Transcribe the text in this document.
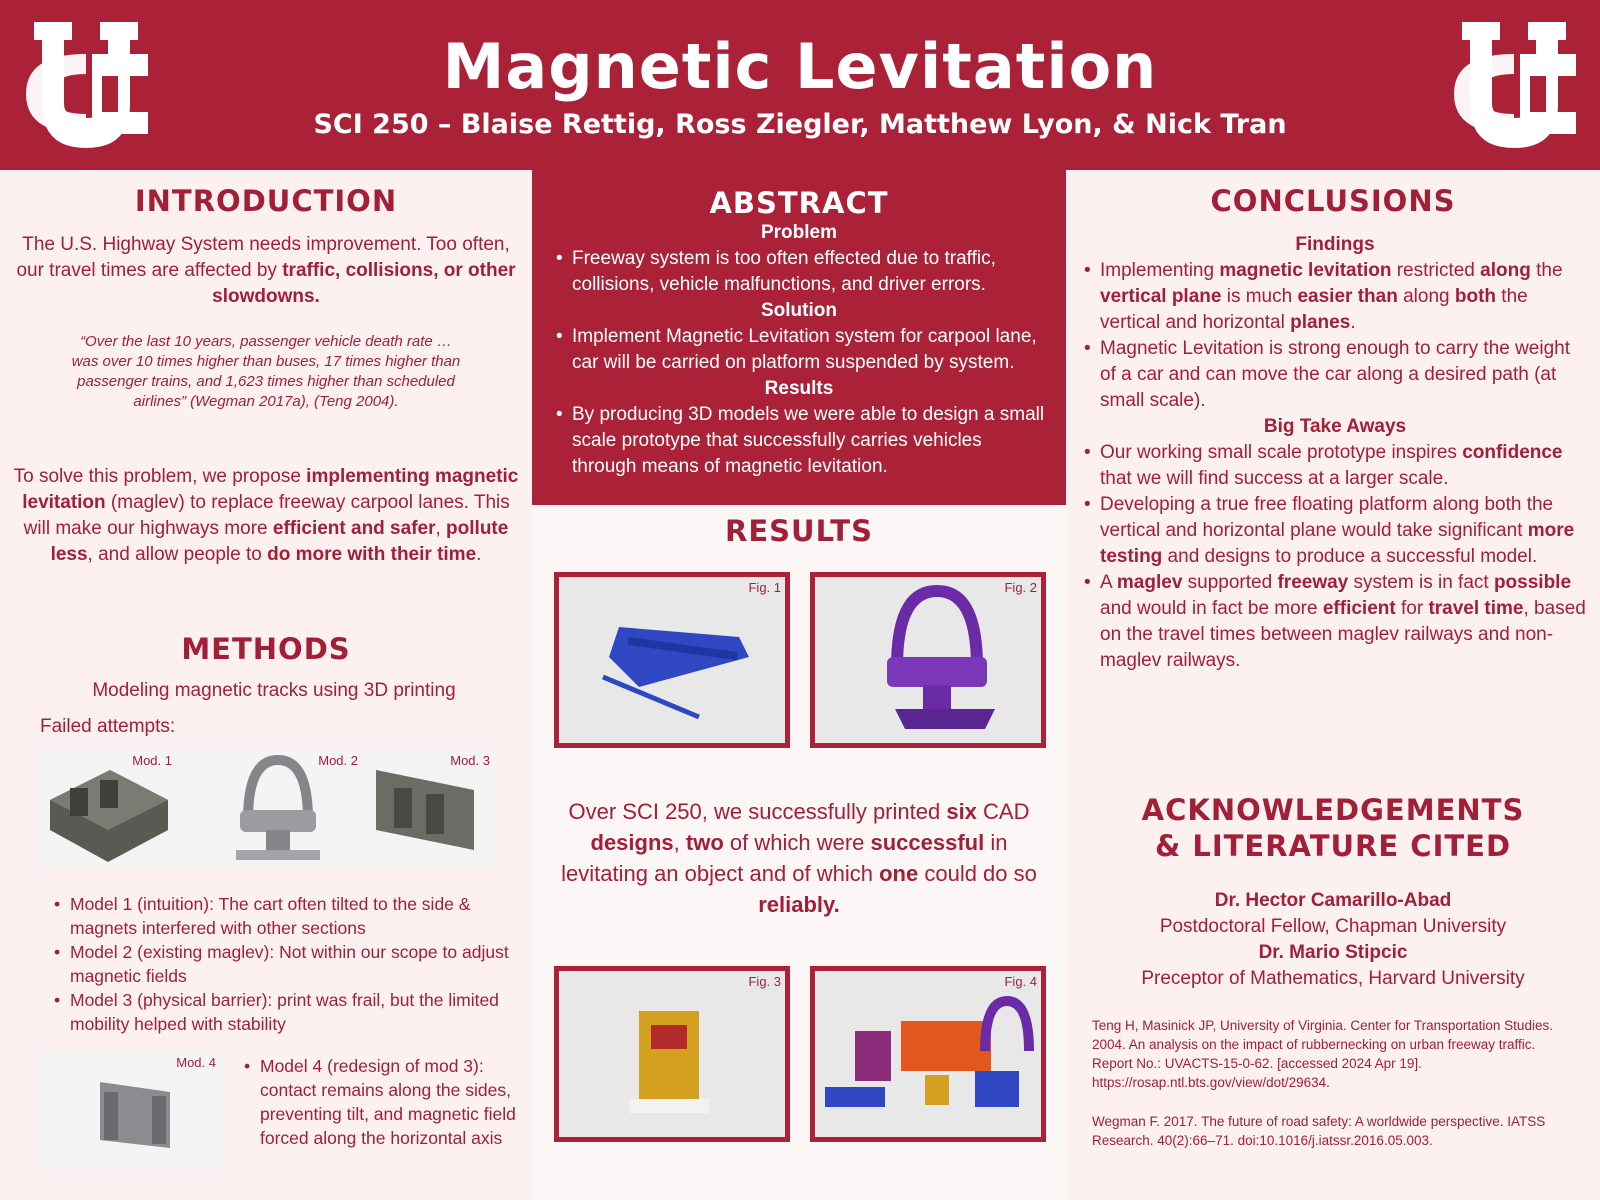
Magnetic Levitation
SCI 250 – Blaise Rettig, Ross Ziegler, Matthew Lyon, & Nick Tran
INTRODUCTION

The U.S. Highway System needs improvement. Too often, our travel times are affected by traffic, collisions, or other slowdowns.

“Over the last 10 years, passenger vehicle death rate … was over 10 times higher than buses, 17 times higher than passenger trains, and 1,623 times higher than scheduled airlines” (Wegman 2017a), (Teng 2004).

To solve this problem, we propose implementing magnetic levitation (maglev) to replace freeway carpool lanes. This will make our highways more efficient and safer, pollute less, and allow people to do more with their time.

METHODS

Modeling magnetic tracks using 3D printing

Failed attempts:

Mod. 1	Mod. 2	Mod. 3
• Model 1 (intuition): The cart often tilted to the side & magnets interfered with other sections
• Model 2 (existing maglev): Not within our scope to adjust magnetic fields
• Model 3 (physical barrier): print was frail, but the limited mobility helped with stability
Mod. 4
•	Model 4 (redesign of mod 3): contact remains along the sides, preventing tilt, and magnetic field forced along the horizontal axis
ABSTRACT
Problem
• Freeway system is too often effected due to traffic, collisions, vehicle malfunctions, and driver errors.
Solution
• Implement Magnetic Levitation system for carpool lane, car will be carried on platform suspended by system.
Results
• By producing 3D models we were able to design a small scale prototype that successfully carries vehicles through means of magnetic levitation.
RESULTS
Fig. 1	Fig. 2

Over SCI 250, we successfully printed six CAD designs, two of which were successful in levitating an object and of which one could do so reliably.

Fig. 3	Fig. 4
CONCLUSIONS
Findings
• Implementing magnetic levitation restricted along the vertical plane is much easier than along both the vertical and horizontal planes.
• Magnetic Levitation is strong enough to carry the weight of a car and can move the car along a desired path (at small scale).
Big Take Aways
• Our working small scale prototype inspires confidence that we will find success at a larger scale.
• Developing a true free floating platform along both the vertical and horizontal plane would take significant more testing and designs to produce a successful model.
• A maglev supported freeway system is in fact possible and would in fact be more efficient for travel time, based on the travel times between maglev railways and non-maglev railways.
ACKNOWLEDGEMENTS
& LITERATURE CITED
Dr. Hector Camarillo-Abad
Postdoctoral Fellow, Chapman University
Dr. Mario Stipcic
Preceptor of Mathematics, Harvard University

Teng H, Masinick JP, University of Virginia. Center for Transportation Studies. 2004. An analysis on the impact of rubbernecking on urban freeway traffic. Report No.: UVACTS-15-0-62. [accessed 2024 Apr 19]. https://rosap.ntl.bts.gov/view/dot/29634.

Wegman F. 2017. The future of road safety: A worldwide perspective. IATSS Research. 40(2):66–71. doi:10.1016/j.iatssr.2016.05.003.
